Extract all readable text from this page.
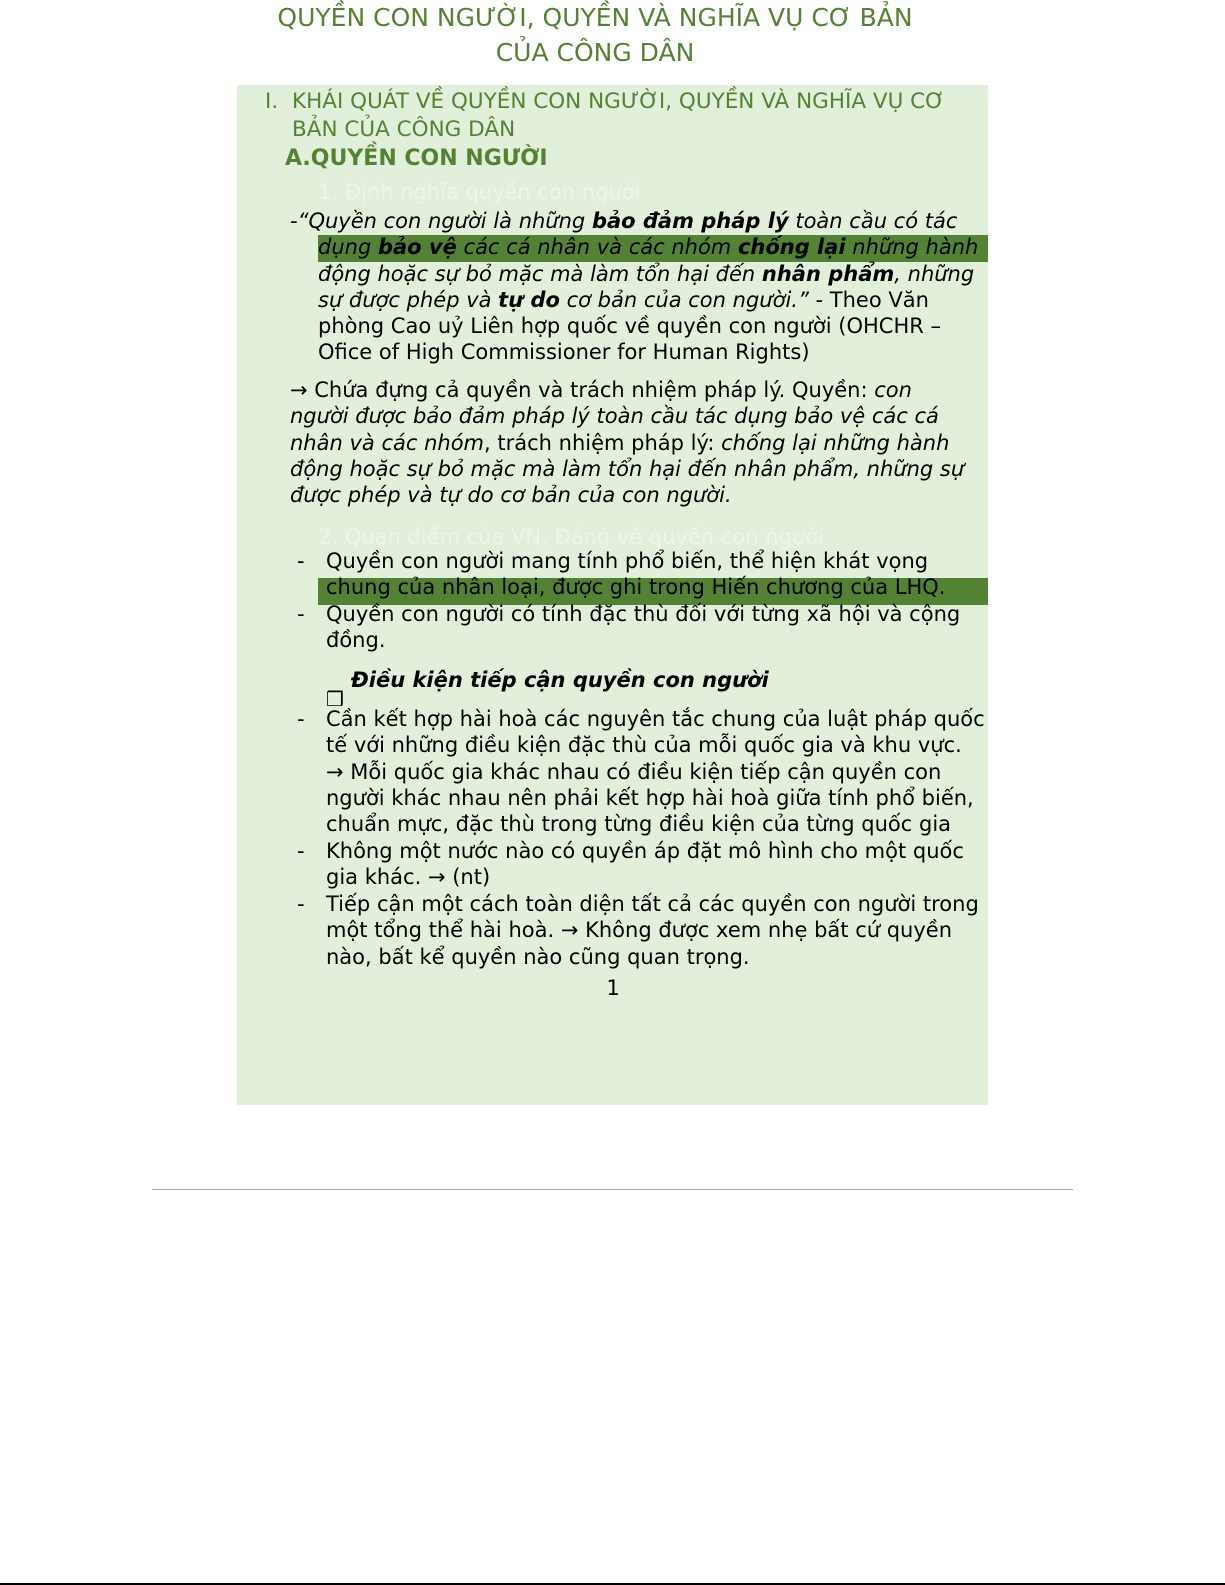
QUYỀN CON NGƯỜI, QUYỀN VÀ NGHĨA VỤ CƠ BẢN
CỦA CÔNG DÂN
I. KHÁI QUÁT VỀ QUYỀN CON NGƯỜI, QUYỀN VÀ NGHĨA VỤ CƠ
BẢN CỦA CÔNG DÂN
A.QUYỀN CON NGƯỜI
1. Định nghĩa quyền con người
-“Quyền con người là những bảo đảm pháp lý toàn cầu có tác
dụng bảo vệ các cá nhân và các nhóm chống lại những hành
động hoặc sự bỏ mặc mà làm tổn hại đến nhân phẩm, những
sự được phép và tự do cơ bản của con người.” - Theo Văn
phòng Cao uỷ Liên hợp quốc về quyền con người (OHCHR –
Ofice of High Commissioner for Human Rights)
→ Chứa đựng cả quyền và trách nhiệm pháp lý. Quyền: con
người được bảo đảm pháp lý toàn cầu tác dụng bảo vệ các cá
nhân và các nhóm, trách nhiệm pháp lý: chống lại những hành
động hoặc sự bỏ mặc mà làm tổn hại đến nhân phẩm, những sự
được phép và tự do cơ bản của con người.
2. Quan điểm của VN, Đảng về quyền con người
- Quyền con người mang tính phổ biến, thể hiện khát vọng
chung của nhân loại, được ghi trong Hiến chương của LHQ.
- Quyền con người có tính đặc thù đối với từng xã hội và cộng
đồng.
❒
Điều kiện tiếp cận quyền con người
- Cần kết hợp hài hoà các nguyên tắc chung của luật pháp quốc
tế với những điều kiện đặc thù của mỗi quốc gia và khu vực.
→ Mỗi quốc gia khác nhau có điều kiện tiếp cận quyền con
người khác nhau nên phải kết hợp hài hoà giữa tính phổ biến,
chuẩn mực, đặc thù trong từng điều kiện của từng quốc gia
- Không một nước nào có quyền áp đặt mô hình cho một quốc
gia khác. → (nt)
- Tiếp cận một cách toàn diện tất cả các quyền con người trong
một tổng thể hài hoà. → Không được xem nhẹ bất cứ quyền
nào, bất kể quyền nào cũng quan trọng.
1
